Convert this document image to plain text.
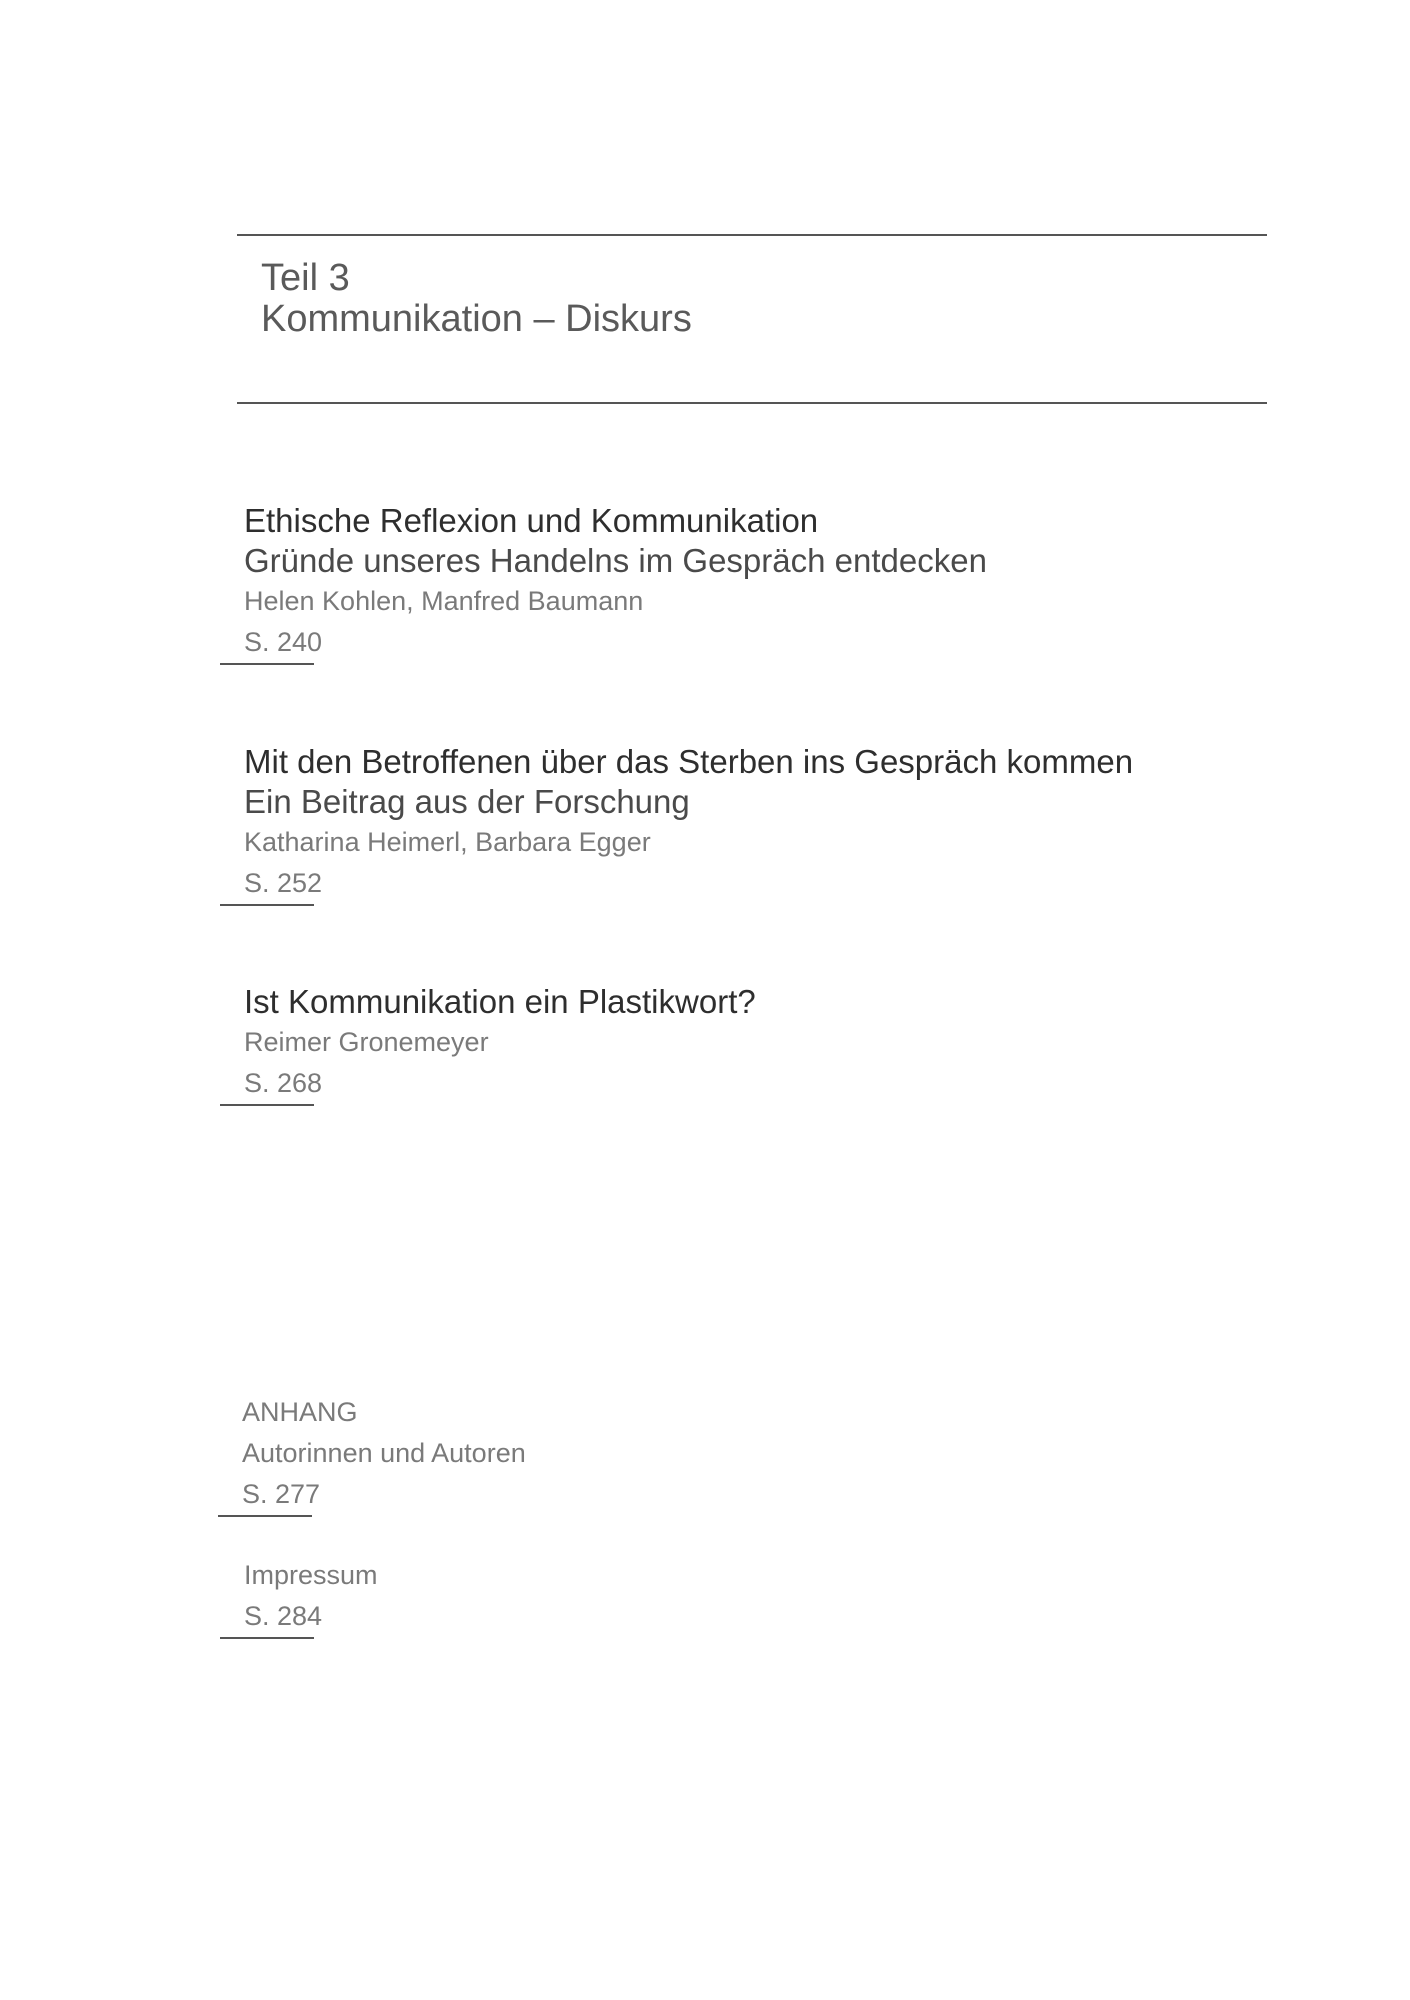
Teil 3
Kommunikation – Diskurs
Ethische Reflexion und Kommunikation
Gründe unseres Handelns im Gespräch entdecken
Helen Kohlen, Manfred Baumann
S. 240
Mit den Betroffenen über das Sterben ins Gespräch kommen
Ein Beitrag aus der Forschung
Katharina Heimerl, Barbara Egger
S. 252
Ist Kommunikation ein Plastikwort?
Reimer Gronemeyer
S. 268
ANHANG
Autorinnen und Autoren
S. 277
Impressum
S. 284
